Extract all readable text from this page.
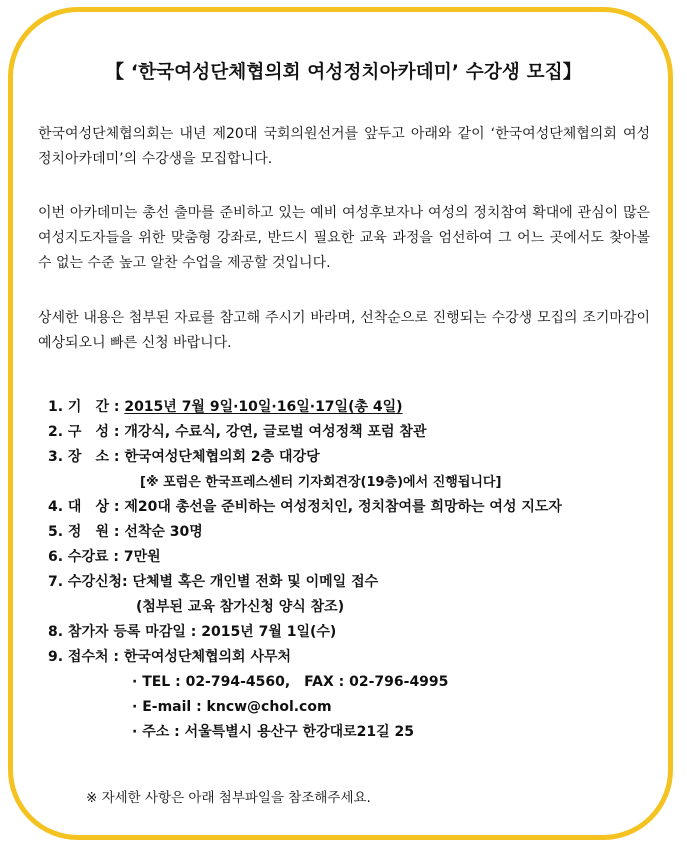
【 ‘한국여성단체협의회 여성정치아카데미’ 수강생 모집】

한국여성단체협의회는 내년 제20대 국회의원선거를 앞두고 아래와 같이 ‘한국여성단체협의회 여성정치아카데미’의 수강생을 모집합니다.

이번 아카데미는 총선 출마를 준비하고 있는 예비 여성후보자나 여성의 정치참여 확대에 관심이 많은 여성지도자들을 위한 맞춤형 강좌로, 반드시 필요한 교육 과정을 엄선하여 그 어느 곳에서도 찾아볼 수 없는 수준 높고 알찬 수업을 제공할 것입니다.

상세한 내용은 첨부된 자료를 참고해 주시기 바라며, 선착순으로 진행되는 수강생 모집의 조기마감이 예상되오니 빠른 신청 바랍니다.

1. 기　간 : 2015년 7월 9일·10일·16일·17일(총 4일)
2. 구　성 : 개강식, 수료식, 강연, 글로벌 여성정책 포럼 참관
3. 장　소 : 한국여성단체협의회 2층 대강당
[※ 포럼은 한국프레스센터 기자회견장(19층)에서 진행됩니다]
4. 대　상 : 제20대 총선을 준비하는 여성정치인, 정치참여를 희망하는 여성 지도자
5. 정　원 : 선착순 30명
6. 수강료 : 7만원
7. 수강신청: 단체별 혹은 개인별 전화 및 이메일 접수
(첨부된 교육 참가신청 양식 참조)
8. 참가자 등록 마감일 : 2015년 7월 1일(수)
9. 접수처 : 한국여성단체협의회 사무처
· TEL : 02-794-4560,　FAX : 02-796-4995
· E-mail : kncw@chol.com
· 주소 : 서울특별시 용산구 한강대로21길 25
※ 자세한 사항은 아래 첨부파일을 참조해주세요.
